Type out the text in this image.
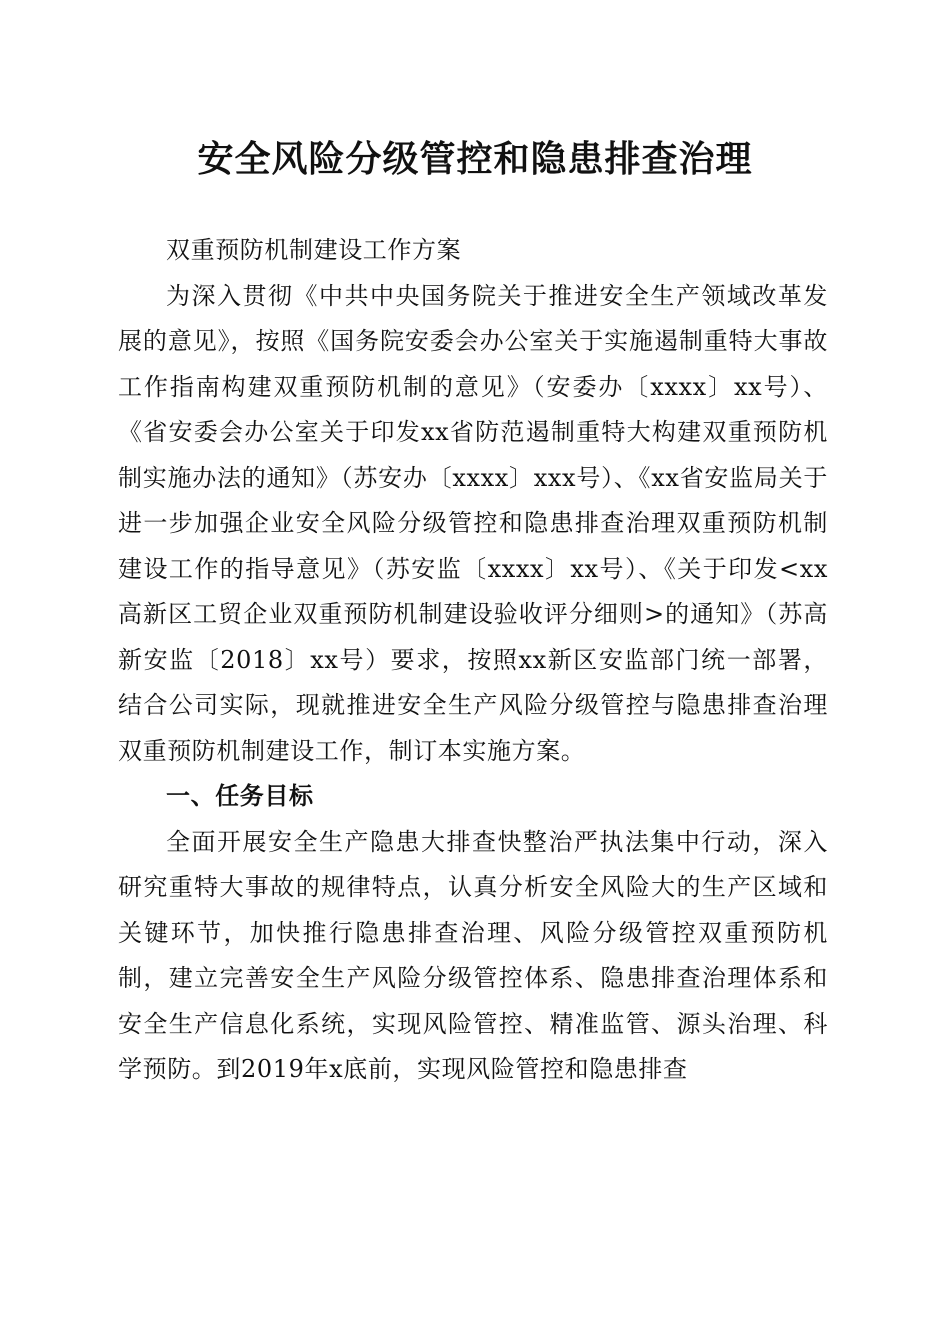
安全风险分级管控和隐患排查治理

双重预防机制建设工作方案

为深入贯彻《中共中央国务院关于推进安全生产领域改革发展的意见》，按照《国务院安委会办公室关于实施遏制重特大事故工作指南构建双重预防机制的意见》（安委办〔xxxx〕xx号）、《省安委会办公室关于印发xx省防范遏制重特大构建双重预防机制实施办法的通知》（苏安办〔xxxx〕xxx号）、《xx省安监局关于进一步加强企业安全风险分级管控和隐患排查治理双重预防机制建设工作的指导意见》（苏安监〔xxxx〕xx号）、《关于印发<xx高新区工贸企业双重预防机制建设验收评分细则>的通知》（苏高新安监〔2018〕xx号）要求，按照xx新区安监部门统一部署，结合公司实际，现就推进安全生产风险分级管控与隐患排查治理双重预防机制建设工作，制订本实施方案。

一、任务目标

全面开展安全生产隐患大排查快整治严执法集中行动，深入研究重特大事故的规律特点，认真分析安全风险大的生产区域和关键环节，加快推行隐患排查治理、风险分级管控双重预防机制，建立完善安全生产风险分级管控体系、隐患排查治理体系和安全生产信息化系统，实现风险管控、精准监管、源头治理、科学预防。到2019年x底前，实现风险管控和隐患排查
